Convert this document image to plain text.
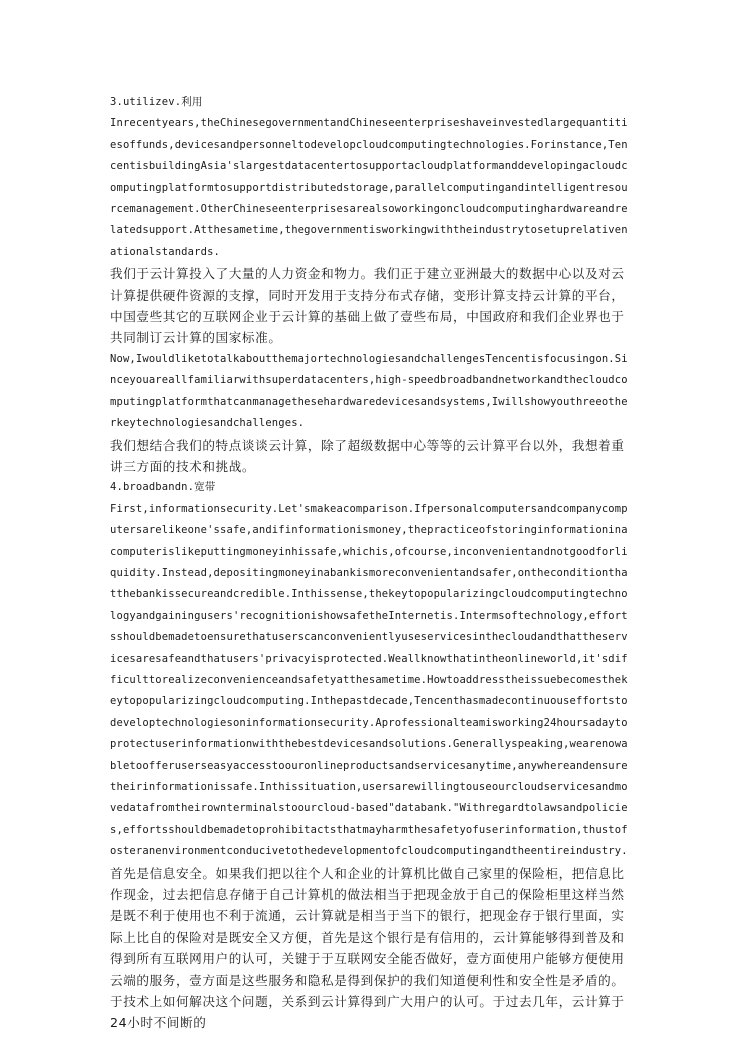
3.utilizev.利用

Inrecentyears,theChinesegovernmentandChineseenterpriseshaveinvestedlargequantitiesoffunds,devicesandpersonneltodevelopcloudcomputingtechnologies.Forinstance,TencentisbuildingAsia'slargestdatacentertosupportacloudplatformanddevelopingacloudcomputingplatformtosupportdistributedstorage,parallelcomputingandintelligentresourcemanagement.OtherChineseenterprisesarealsoworkingoncloudcomputinghardwareandrelatedsupport.Atthesametime,thegovernmentisworkingwiththeindustrytosetuprelativenationalstandards.

我们于云计算投入了大量的人力资金和物力。我们正于建立亚洲最大的数据中心以及对云计算提供硬件资源的支撑，同时开发用于支持分布式存储，变形计算支持云计算的平台，中国壹些其它的互联网企业于云计算的基础上做了壹些布局，中国政府和我们企业界也于共同制订云计算的国家标准。

Now,IwouldliketotalkaboutthemajortechnologiesandchallengesTencentisfocusingon.Sinceyouareallfamiliarwithsuperdatacenters,high-speedbroadbandnetworkandthecloudcomputingplatformthatcanmanagethesehardwaredevicesandsystems,Iwillshowyouthreeotherkeytechnologiesandchallenges.

我们想结合我们的特点谈谈云计算，除了超级数据中心等等的云计算平台以外，我想着重讲三方面的技术和挑战。

4.broadbandn.宽带

First,informationsecurity.Let'smakeacomparison.Ifpersonalcomputersandcompanycomputersarelikeone'ssafe,andifinformationismoney,thepracticeofstoringinformationinacomputerislikeputtingmoneyinhissafe,whichis,ofcourse,inconvenientandnotgoodforliquidity.Instead,depositingmoneyinabankismoreconvenientandsafer,ontheconditionthatthebankissecureandcredible.Inthissense,thekeytopopularizingcloudcomputingtechnologyandgainingusers'recognitionishowsafetheInternetis.Intermsoftechnology,effortsshouldbemadetoensurethatuserscanconvenientlyuseservicesinthecloudandthattheservicesaresafeandthatusers'privacyisprotected.Weallknowthatintheonlineworld,it'sdifficulttorealizeconvenienceandsafetyatthesametime.Howtoaddresstheissuebecomesthekeytopopularizingcloudcomputing.Inthepastdecade,Tencenthasmadecontinuouseffortstodeveloptechnologiesoninformationsecurity.Aprofessionalteamisworking24hoursadaytoprotectuserinformationwiththebestdevicesandsolutions.Generallyspeaking,wearenowabletoofferuserseasyaccesstoouronlineproductsandservicesanytime,anywhereandensuretheirinformationissafe.Inthissituation,usersarewillingtouseourcloudservicesandmovedatafromtheirownterminalstoourcloud-based"databank."Withregardtolawsandpolicies,effortsshouldbemadetoprohibitactsthatmayharmthesafetyofuserinformation,thustofosteranenvironmentconducivetothedevelopmentofcloudcomputingandtheentireindustry.

首先是信息安全。如果我们把以往个人和企业的计算机比做自己家里的保险柜，把信息比作现金，过去把信息存储于自己计算机的做法相当于把现金放于自己的保险柜里这样当然是既不利于使用也不利于流通，云计算就是相当于当下的银行，把现金存于银行里面，实际上比自的保险对是既安全又方便，首先是这个银行是有信用的，云计算能够得到普及和得到所有互联网用户的认可，关键于于互联网安全能否做好，壹方面使用户能够方便使用云端的服务，壹方面是这些服务和隐私是得到保护的我们知道便利性和安全性是矛盾的。于技术上如何解决这个问题，关系到云计算得到广大用户的认可。于过去几年，云计算于24小时不间断的
